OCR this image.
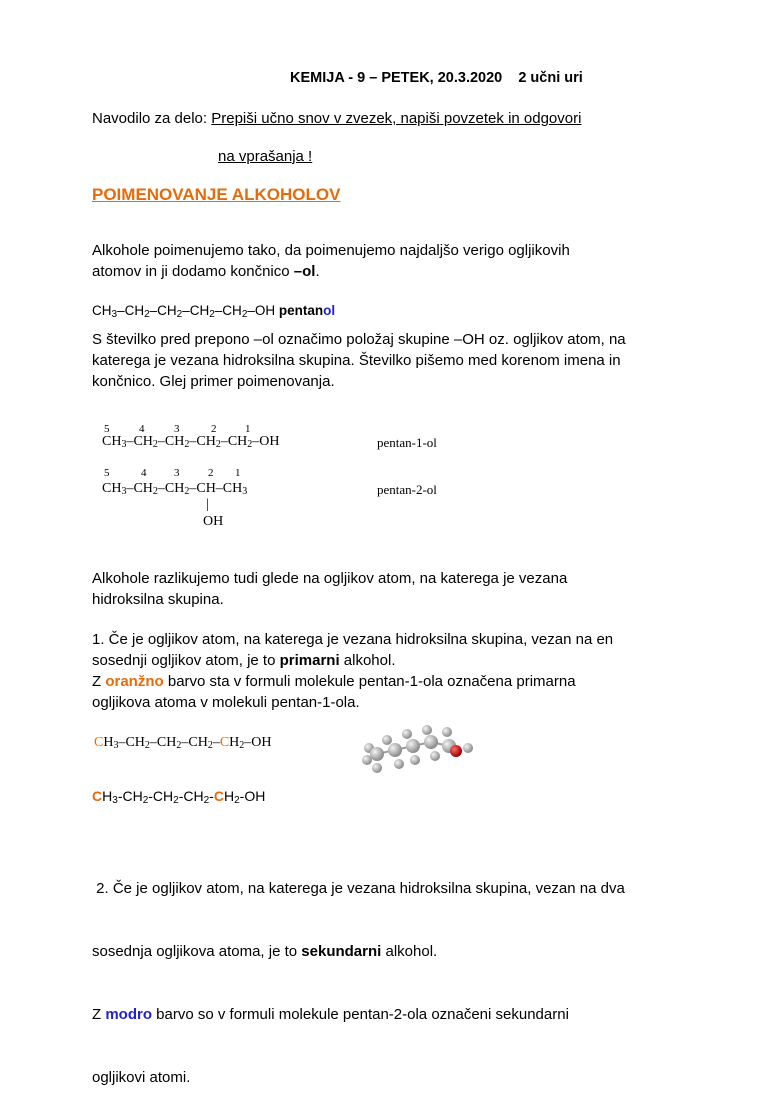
KEMIJA - 9 – PETEK, 20.3.2020    2 učni uri
Navodilo za delo: Prepiši učno snov v zvezek, napiši povzetek in odgovori
na vprašanja !
POIMENOVANJE ALKOHOLOV
Alkohole poimenujemo tako, da poimenujemo najdaljšo verigo ogljikovih
atomov in ji dodamo končnico –ol.
$CH_3-CH_2-CH_2-CH_2-CH_2-OH$ pentanol
S številko pred prepono –ol označimo položaj skupine –OH oz. ogljikov atom, na
katerega je vezana hidroksilna skupina. Številko pišemo med korenom imena in
končnico. Glej primer poimenovanja.
5	4	3	2	1
$CH_3-CH_2-CH_2-CH_2-CH_2-OH$	pentan-1-ol
5	4	3	2 1
$CH_3-CH_2-CH_2-CH-CH_3$	pentan-2-ol
|
OH
Alkohole razlikujemo tudi glede na ogljikov atom, na katerega je vezana
hidroksilna skupina.
1. Če je ogljikov atom, na katerega je vezana hidroksilna skupina, vezan na en
sosednji ogljikov atom, je to primarni alkohol.
Z oranžno barvo sta v formuli molekule pentan-1-ola označena primarna
ogljikova atoma v molekuli pentan-1-ola.
$CH_3-CH_2-CH_2-CH_2-CH_2-OH$
$CH_3-CH_2-CH_2-CH_2-CH_2-OH$

2. Če je ogljikov atom, na katerega je vezana hidroksilna skupina, vezan na dva

sosednja ogljikova atoma, je to sekundarni alkohol.

Z modro barvo so v formuli molekule pentan-2-ola označeni sekundarni

ogljikovi atomi.
